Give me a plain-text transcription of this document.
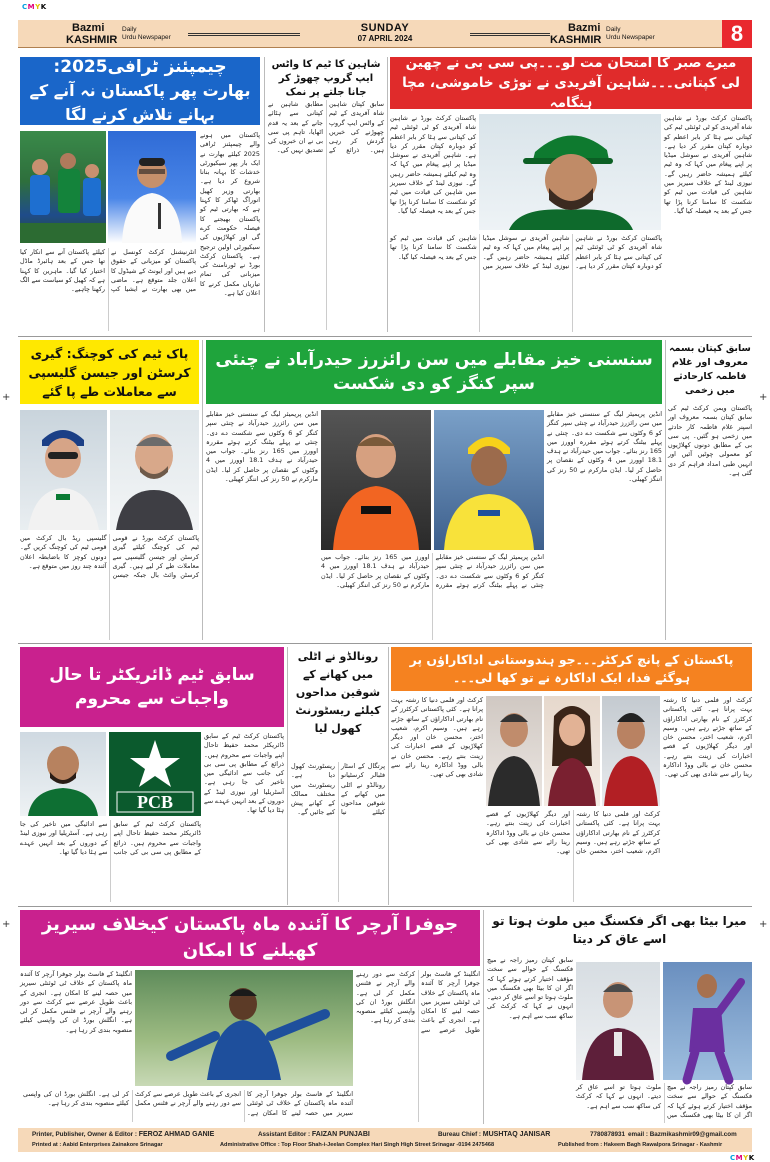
CMYK
CMYK
+	+
+	+
Bazmi
KASHMIR
Daily
Urdu Newspaper
SUNDAY
07 APRIL 2024
Bazmi
KASHMIR
Daily
Urdu Newspaper	8
چیمپئنز ٹرافی2025:
بھارت پھر پاکستان نہ آنے کے بہانے تلاش کرنے لگا
پاکستان میں ہونے والے چیمپئنز ٹرافی 2025 کیلئے بھارت نے ایک بار پھر سیکیورٹی خدشات کا بہانہ بنانا شروع کر دیا ہے۔ بھارتی وزیر کھیل انوراگ ٹھاکر کا کہنا ہے کہ بھارتی ٹیم کو پاکستان بھیجنے کا فیصلہ حکومت کرے گی اور کھلاڑیوں کی سیکیورٹی اولین ترجیح ہے۔ پاکستان کرکٹ بورڈ نے ٹورنامنٹ کی میزبانی کی تمام تیاریاں مکمل کرنے کا اعلان کیا ہے۔
انٹرنیشنل کرکٹ کونسل نے پاکستان کو میزبانی کے حقوق دیے ہیں اور ایونٹ کے شیڈول کا اعلان جلد متوقع ہے۔ ماضی میں بھی بھارت نے ایشیا کپ کیلئے پاکستان آنے سے انکار کیا تھا جس کے بعد ہائبرڈ ماڈل اختیار کیا گیا۔ ماہرین کا کہنا ہے کہ کھیل کو سیاست سے الگ رکھنا چاہیے۔
شاہین کا ٹیم کا واٹس ایپ گروپ چھوڑ کر جانا جلتے پر نمک
سابق کپتان شاہین شاہ آفریدی کے ٹیم کے واٹس ایپ گروپ چھوڑنے کی خبریں گردش کر رہی ہیں۔ ذرائع کے مطابق شاہین نے کپتانی سے ہٹائے جانے کے بعد یہ قدم اٹھایا، تاہم پی سی بی نے ان خبروں کی تصدیق نہیں کی۔
میرے صبر کا امتحان مت لو۔۔۔پی سی بی نے چھین لی کپتانی۔۔۔شاہین آفریدی نے توڑی خاموشی، مچا ہنگامہ
پاکستان کرکٹ بورڈ نے شاہین شاہ آفریدی کو ٹی ٹوئنٹی ٹیم کی کپتانی سے ہٹا کر بابر اعظم کو دوبارہ کپتان مقرر کر دیا ہے۔ شاہین آفریدی نے سوشل میڈیا پر اپنے پیغام میں کہا کہ وہ ٹیم کیلئے ہمیشہ حاضر رہیں گے۔ نیوزی لینڈ کے خلاف سیریز میں شاہین کی قیادت میں ٹیم کو شکست کا سامنا کرنا پڑا تھا جس کے بعد یہ فیصلہ کیا گیا۔
پاکستان کرکٹ بورڈ نے شاہین شاہ آفریدی کو ٹی ٹوئنٹی ٹیم کی کپتانی سے ہٹا کر بابر اعظم کو دوبارہ کپتان مقرر کر دیا ہے۔ شاہین آفریدی نے سوشل میڈیا پر اپنے پیغام میں کہا کہ وہ ٹیم کیلئے ہمیشہ حاضر رہیں گے۔ نیوزی لینڈ کے خلاف سیریز میں شاہین کی قیادت میں ٹیم کو شکست کا سامنا کرنا پڑا تھا جس کے بعد یہ فیصلہ کیا گیا۔
پاکستان کرکٹ بورڈ نے شاہین شاہ آفریدی کو ٹی ٹوئنٹی ٹیم کی کپتانی سے ہٹا کر بابر اعظم کو دوبارہ کپتان مقرر کر دیا ہے۔ شاہین آفریدی نے سوشل میڈیا پر اپنے پیغام میں کہا کہ وہ ٹیم کیلئے ہمیشہ حاضر رہیں گے۔ نیوزی لینڈ کے خلاف سیریز میں شاہین کی قیادت میں ٹیم کو شکست کا سامنا کرنا پڑا تھا جس کے بعد یہ فیصلہ کیا گیا۔
پاک ٹیم کی کوچنگ: گیری کرسٹن اور جیسن گلیسپی سے معاملات طے پا گئے
پاکستان کرکٹ بورڈ نے قومی ٹیم کی کوچنگ کیلئے گیری کرسٹن اور جیسن گلیسپی سے معاملات طے کر لیے ہیں۔ گیری کرسٹن وائٹ بال جبکہ جیسن گلیسپی ریڈ بال کرکٹ میں قومی ٹیم کی کوچنگ کریں گے۔ دونوں کوچز کا باضابطہ اعلان آئندہ چند روز میں متوقع ہے۔
سنسنی خیز مقابلے میں سن رائزرز حیدرآباد نے چنئی سپر کنگز کو دی شکست
انڈین پریمیئر لیگ کے سنسنی خیز مقابلے میں سن رائزرز حیدرآباد نے چنئی سپر کنگز کو 6 وکٹوں سے شکست دے دی۔ چنئی نے پہلے بیٹنگ کرتے ہوئے مقررہ اوورز میں 165 رنز بنائے۔ جواب میں حیدرآباد نے ہدف 18.1 اوورز میں 4 وکٹوں کے نقصان پر حاصل کر لیا۔ ایڈن مارکرم نے 50 رنز کی اننگز کھیلی۔
انڈین پریمیئر لیگ کے سنسنی خیز مقابلے میں سن رائزرز حیدرآباد نے چنئی سپر کنگز کو 6 وکٹوں سے شکست دے دی۔ چنئی نے پہلے بیٹنگ کرتے ہوئے مقررہ اوورز میں 165 رنز بنائے۔ جواب میں حیدرآباد نے ہدف 18.1 اوورز میں 4 وکٹوں کے نقصان پر حاصل کر لیا۔ ایڈن مارکرم نے 50 رنز کی اننگز کھیلی۔
انڈین پریمیئر لیگ کے سنسنی خیز مقابلے میں سن رائزرز حیدرآباد نے چنئی سپر کنگز کو 6 وکٹوں سے شکست دے دی۔ چنئی نے پہلے بیٹنگ کرتے ہوئے مقررہ اوورز میں 165 رنز بنائے۔ جواب میں حیدرآباد نے ہدف 18.1 اوورز میں 4 وکٹوں کے نقصان پر حاصل کر لیا۔ ایڈن مارکرم نے 50 رنز کی اننگز کھیلی۔
سابق کپتان بسمہ معروف اور غلام فاطمہ کارحادثے میں زخمی
پاکستان ویمن کرکٹ ٹیم کی سابق کپتان بسمہ معروف اور اسپنر غلام فاطمہ کار حادثے میں زخمی ہو گئیں۔ پی سی بی کے مطابق دونوں کھلاڑیوں کو معمولی چوٹیں آئیں اور انہیں طبی امداد فراہم کر دی گئی ہے۔
سابق ٹیم ڈائریکٹر تا حال واجبات سے محروم
پاکستان کرکٹ ٹیم کے سابق ڈائریکٹر محمد حفیظ تاحال اپنے واجبات سے محروم ہیں۔ ذرائع کے مطابق پی سی بی کی جانب سے ادائیگی میں تاخیر کی جا رہی ہے۔ آسٹریلیا اور نیوزی لینڈ کے دوروں کے بعد انہیں عہدے سے ہٹا دیا گیا تھا۔
PCB
پاکستان کرکٹ ٹیم کے سابق ڈائریکٹر محمد حفیظ تاحال اپنے واجبات سے محروم ہیں۔ ذرائع کے مطابق پی سی بی کی جانب سے ادائیگی میں تاخیر کی جا رہی ہے۔ آسٹریلیا اور نیوزی لینڈ کے دوروں کے بعد انہیں عہدے سے ہٹا دیا گیا تھا۔
رونالڈو نے اٹلی میں کھانے کے شوقین مداحوں کیلئے ریسٹورنٹ کھول لیا
پرتگال کے اسٹار فٹبالر کرسٹیانو رونالڈو نے اٹلی میں کھانے کے شوقین مداحوں کیلئے نیا ریسٹورنٹ کھول دیا ہے۔ ریسٹورنٹ میں مختلف ممالک کے کھانے پیش کیے جائیں گے۔
پاکستان کے پانچ کرکٹر۔۔۔جو ہندوستانی اداکاراؤں پر ہوگئے فدا، ایک اداکارہ نے تو کھا لی۔۔۔
کرکٹ اور فلمی دنیا کا رشتہ بہت پرانا ہے۔ کئی پاکستانی کرکٹرز کے نام بھارتی اداکاراؤں کے ساتھ جڑتے رہے ہیں۔ وسیم اکرم، شعیب اختر، محسن خان اور دیگر کھلاڑیوں کے قصے اخبارات کی زینت بنتے رہے۔ محسن خان نے بالی ووڈ اداکارہ رینا رائے سے شادی بھی کی تھی۔
کرکٹ اور فلمی دنیا کا رشتہ بہت پرانا ہے۔ کئی پاکستانی کرکٹرز کے نام بھارتی اداکاراؤں کے ساتھ جڑتے رہے ہیں۔ وسیم اکرم، شعیب اختر، محسن خان اور دیگر کھلاڑیوں کے قصے اخبارات کی زینت بنتے رہے۔ محسن خان نے بالی ووڈ اداکارہ رینا رائے سے شادی بھی کی تھی۔
کرکٹ اور فلمی دنیا کا رشتہ بہت پرانا ہے۔ کئی پاکستانی کرکٹرز کے نام بھارتی اداکاراؤں کے ساتھ جڑتے رہے ہیں۔ وسیم اکرم، شعیب اختر، محسن خان اور دیگر کھلاڑیوں کے قصے اخبارات کی زینت بنتے رہے۔ محسن خان نے بالی ووڈ اداکارہ رینا رائے سے شادی بھی کی تھی۔
جوفرا آرچر کا آئندہ ماہ پاکستان کیخلاف سیریز کھیلنے کا امکان
انگلینڈ کے فاسٹ بولر جوفرا آرچر کا آئندہ ماہ پاکستان کے خلاف ٹی ٹوئنٹی سیریز میں حصہ لینے کا امکان ہے۔ انجری کے باعث طویل عرصے سے کرکٹ سے دور رہنے والے آرچر نے فٹنس مکمل کر لی ہے۔ انگلش بورڈ ان کی واپسی کیلئے منصوبہ بندی کر رہا ہے۔
انگلینڈ کے فاسٹ بولر جوفرا آرچر کا آئندہ ماہ پاکستان کے خلاف ٹی ٹوئنٹی سیریز میں حصہ لینے کا امکان ہے۔ انجری کے باعث طویل عرصے سے کرکٹ سے دور رہنے والے آرچر نے فٹنس مکمل کر لی ہے۔ انگلش بورڈ ان کی واپسی کیلئے منصوبہ بندی کر رہا ہے۔
انگلینڈ کے فاسٹ بولر جوفرا آرچر کا آئندہ ماہ پاکستان کے خلاف ٹی ٹوئنٹی سیریز میں حصہ لینے کا امکان ہے۔ انجری کے باعث طویل عرصے سے کرکٹ سے دور رہنے والے آرچر نے فٹنس مکمل کر لی ہے۔ انگلش بورڈ ان کی واپسی کیلئے منصوبہ بندی کر رہا ہے۔
میرا بیٹا بھی اگر فکسنگ میں ملوث ہوتا تو اسے عاق کر دیتا
سابق کپتان رمیز راجہ نے میچ فکسنگ کے حوالے سے سخت مؤقف اختیار کرتے ہوئے کہا کہ اگر ان کا بیٹا بھی فکسنگ میں ملوث ہوتا تو اسے عاق کر دیتے۔ انہوں نے کہا کہ کرکٹ کی ساکھ سب سے اہم ہے۔
سابق کپتان رمیز راجہ نے میچ فکسنگ کے حوالے سے سخت مؤقف اختیار کرتے ہوئے کہا کہ اگر ان کا بیٹا بھی فکسنگ میں ملوث ہوتا تو اسے عاق کر دیتے۔ انہوں نے کہا کہ کرکٹ کی ساکھ سب سے اہم ہے۔
Printer, Publisher, Owner & Editor : FEROZ AHMAD GANIE	Assistant Editor : FAIZAN PUNJABI	Bureau Chief : MUSHTAQ JANISAR	7780878931 email : Bazmikashmir09@gmail.com
Printed at : Aabid Enterprises Zainakore Srinagar	Administrative Office : Top Floor Shah-i-Jeelan Complex Hari Singh High Street Srinagar -0194 2475468	Published from : Hakeem Bagh Rawalpora Srinagar - Kashmir
